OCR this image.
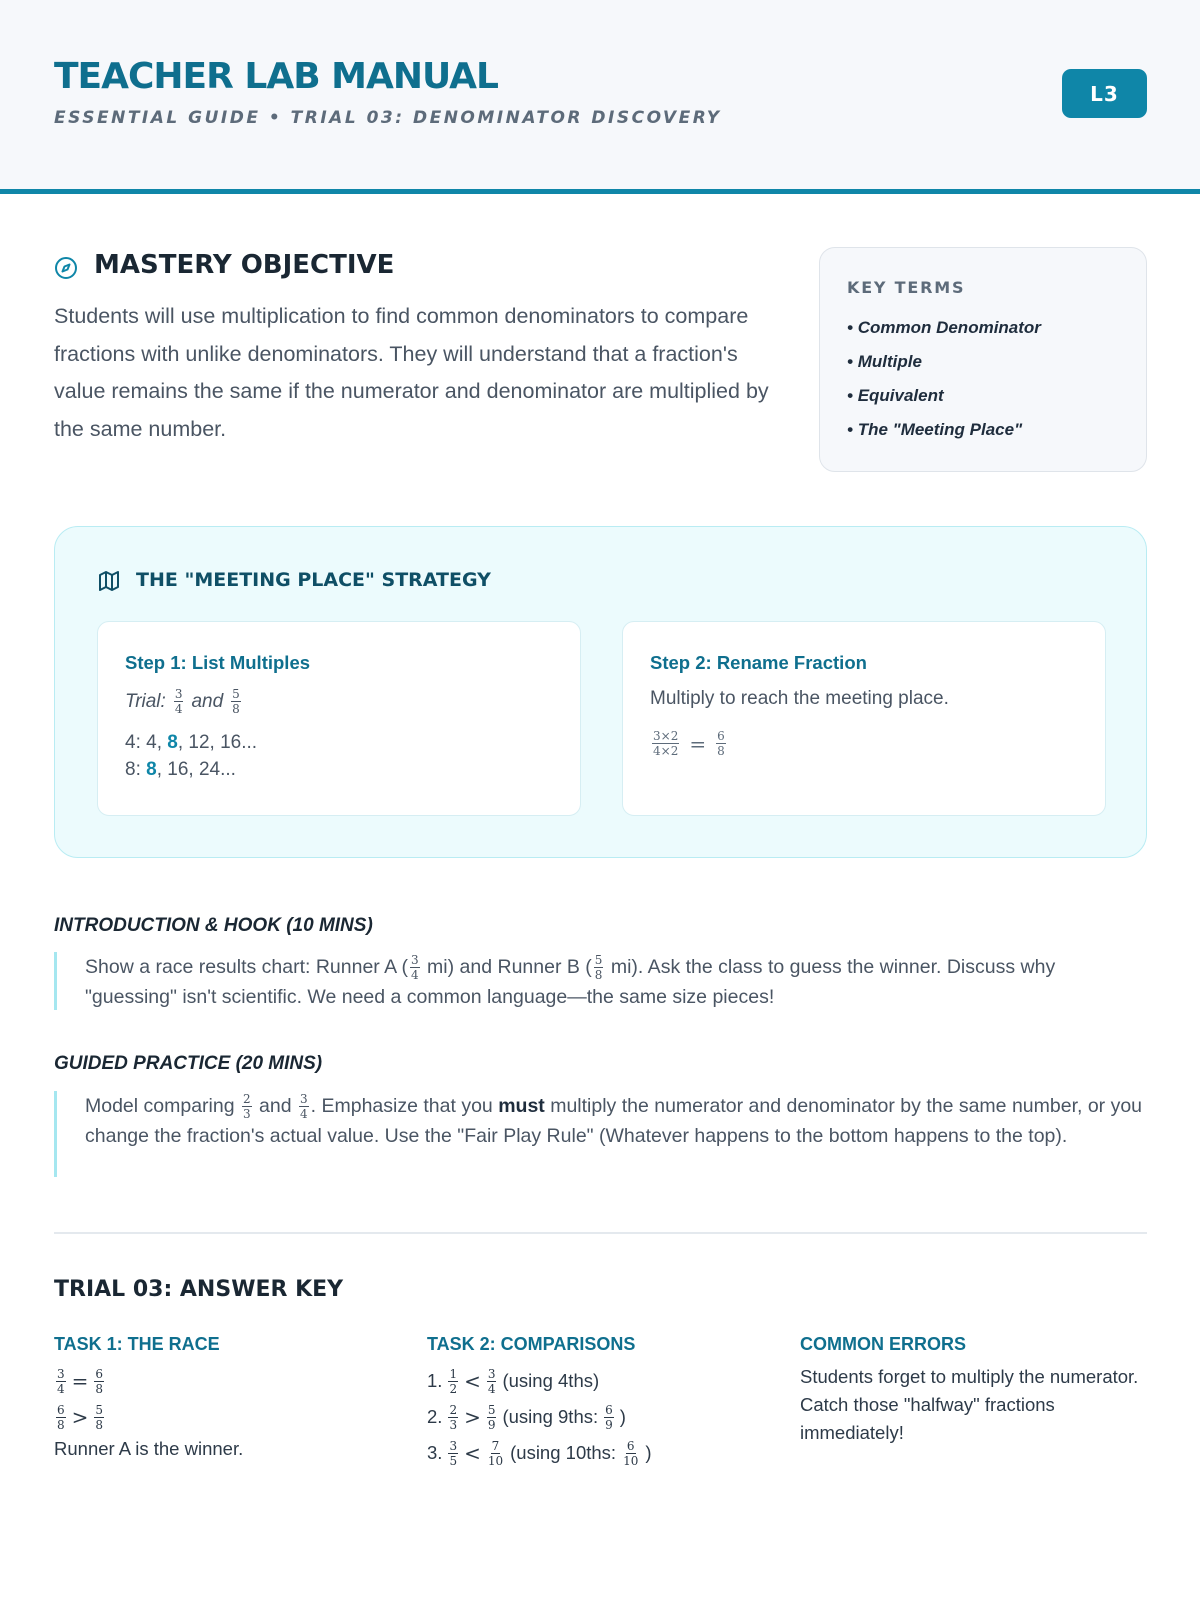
TEACHER LAB MANUAL
ESSENTIAL GUIDE • TRIAL 03: DENOMINATOR DISCOVERY
L3
MASTERY OBJECTIVE
Students will use multiplication to find common denominators to compare fractions with unlike denominators. They will understand that a fraction's value remains the same if the numerator and denominator are multiplied by the same number.
KEY TERMS
• Common Denominator
• Multiple
• Equivalent
• The "Meeting Place"
THE "MEETING PLACE" STRATEGY
Step 1: List Multiples
Trial: $\frac{3}{4}$ and $\frac{5}{8}$
4: 4, 8, 12, 16...
8: 8, 16, 24...
Step 2: Rename Fraction
Multiply to reach the meeting place.
$\frac{3\times 2}{4\times 2} = \frac{6}{8}$
INTRODUCTION & HOOK (10 MINS)
Show a race results chart: Runner A ( $\frac{3}{4} mi$) and Runner B ( $\frac{5}{8} mi$). Ask the class to guess the winner. Discuss why "guessing" isn't scientific. We need a common language—the same size pieces!
GUIDED PRACTICE (20 MINS)
Model comparing $\frac{2}{3}$ and $\frac{3}{4}$ . Emphasize that you must multiply the numerator and denominator by the same number, or you change the fraction's actual value. Use the "Fair Play Rule" (Whatever happens to the bottom happens to the top).
TRIAL 03: ANSWER KEY
TASK 1: THE RACE
$\frac{3}{4} = \frac{6}{8}$
$\frac{6}{8} > \frac{5}{8}$
Runner A is the winner.
TASK 2: COMPARISONS
1. $\frac{1}{2} < \frac{3}{4} (using$ 4ths)
2. $\frac{2}{3} > \frac{5}{9} (using$ 9ths: $\frac{6}{9}$ )
3. $\frac{3}{5} < \frac{7}{10} (using$ 10ths: $\frac{6}{10}$ )
COMMON ERRORS
Students forget to multiply the numerator. Catch those "halfway" fractions immediately!
